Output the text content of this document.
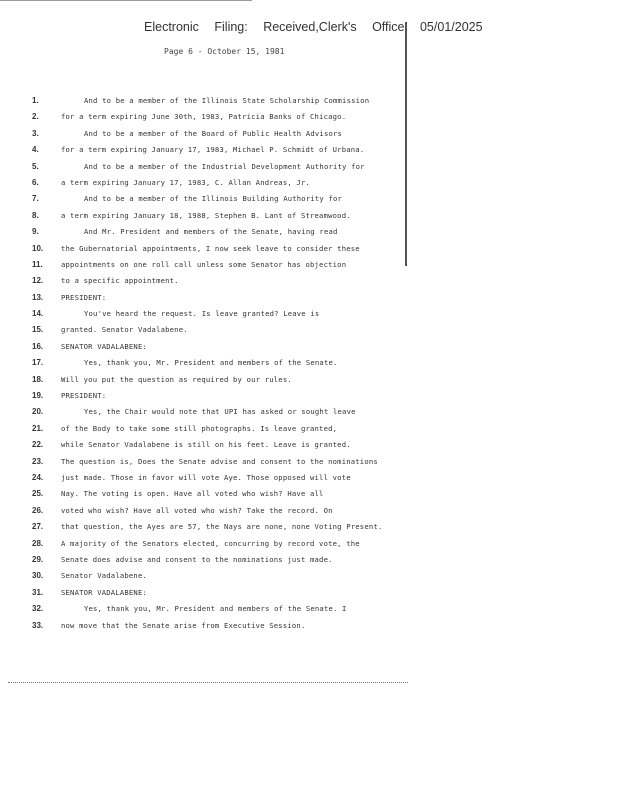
Electronic Filing: Received,Clerk's Office 05/01/2025
Page 6 - October 15, 1981
1.	And to be a member of the Illinois State Scholarship Commission
2.	for a term expiring June 30th, 1983, Patricia Banks of Chicago.
3.	And to be a member of the Board of Public Health Advisors
4.	for a term expiring January 17, 1983, Michael P. Schmidt of Urbana.
5.	And to be a member of the Industrial Development Authority for
6.	a term expiring January 17, 1983, C. Allan Andreas, Jr.
7.	And to be a member of the Illinois Building Authority for
8.	a term expiring January 18, 1988, Stephen B. Lant of Streamwood.
9.	And Mr. President and members of the Senate, having read
10.	the Gubernatorial appointments, I now seek leave to consider these
11.	appointments on one roll call unless some Senator has objection
12.	to a specific appointment.
13.	PRESIDENT:
14.	You've heard the request. Is leave granted? Leave is
15.	granted. Senator Vadalabene.
16.	SENATOR VADALABENE:
17.	Yes, thank you, Mr. President and members of the Senate.
18.	Will you put the question as required by our rules.
19.	PRESIDENT:
20.	Yes, the Chair would note that UPI has asked or sought leave
21.	of the Body to take some still photographs. Is leave granted,
22.	while Senator Vadalabene is still on his feet. Leave is granted.
23.	The question is, Does the Senate advise and consent to the nominations
24.	just made. Those in favor will vote Aye. Those opposed will vote
25.	Nay. The voting is open. Have all voted who wish? Have all
26.	voted who wish? Have all voted who wish? Take the record. On
27.	that question, the Ayes are 57, the Nays are none, none Voting Present.
28.	A majority of the Senators elected, concurring by record vote, the
29.	Senate does advise and consent to the nominations just made.
30.	Senator Vadalabene.
31.	SENATOR VADALABENE:
32.	Yes, thank you, Mr. President and members of the Senate. I
33.	now move that the Senate arise from Executive Session.
